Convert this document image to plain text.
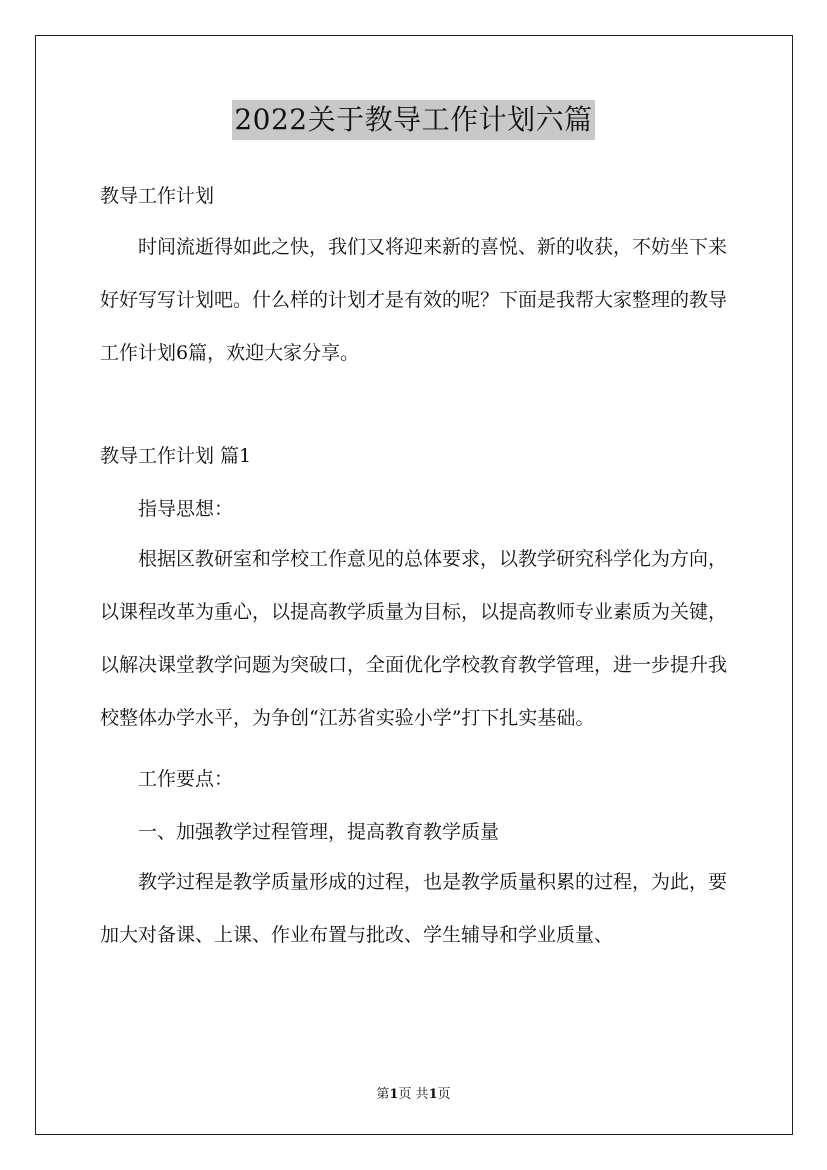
2022关于教导工作计划六篇

教导工作计划

时间流逝得如此之快，我们又将迎来新的喜悦、新的收获，不妨坐下来好好写写计划吧。什么样的计划才是有效的呢？下面是我帮大家整理的教导工作计划6篇，欢迎大家分享。

教导工作计划 篇1

指导思想：

根据区教研室和学校工作意见的总体要求，以教学研究科学化为方向，以课程改革为重心，以提高教学质量为目标，以提高教师专业素质为关键，以解决课堂教学问题为突破口，全面优化学校教育教学管理，进一步提升我校整体办学水平，为争创“江苏省实验小学”打下扎实基础。

工作要点：

一、加强教学过程管理，提高教育教学质量

教学过程是教学质量形成的过程，也是教学质量积累的过程，为此，要加大对备课、上课、作业布置与批改、学生辅导和学业质量、

第1页 共1页
